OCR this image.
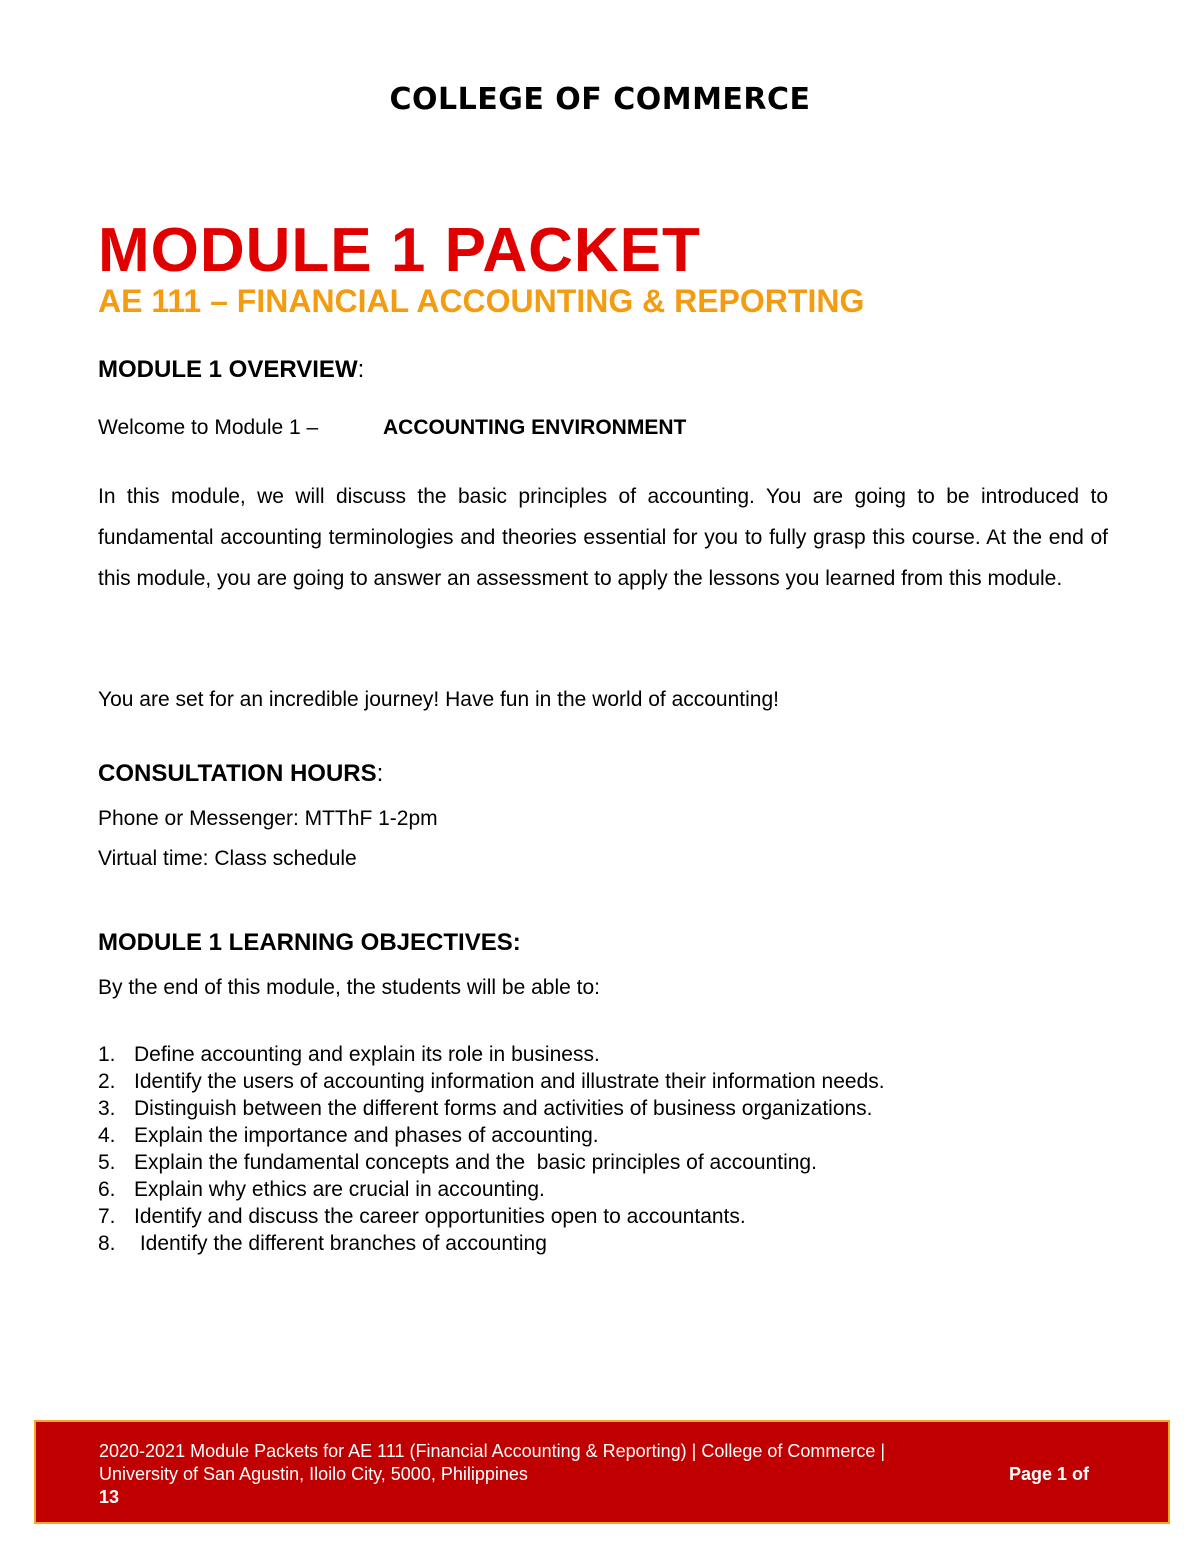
COLLEGE OF COMMERCE
MODULE 1 PACKET
AE 111 – FINANCIAL ACCOUNTING & REPORTING
MODULE 1 OVERVIEW:
Welcome to Module 1 –	ACCOUNTING ENVIRONMENT
In this module, we will discuss the basic principles of accounting. You are going to be introduced to fundamental accounting terminologies and theories essential for you to fully grasp this course. At the end of this module, you are going to answer an assessment to apply the lessons you learned from this module.
You are set for an incredible journey! Have fun in the world of accounting!
CONSULTATION HOURS:
Phone or Messenger: MTThF 1-2pm
Virtual time: Class schedule
MODULE 1 LEARNING OBJECTIVES:
By the end of this module, the students will be able to:
1. Define accounting and explain its role in business.
2. Identify the users of accounting information and illustrate their information needs.
3. Distinguish between the different forms and activities of business organizations.
4. Explain the importance and phases of accounting.
5. Explain the fundamental concepts and the  basic principles of accounting.
6. Explain why ethics are crucial in accounting.
7. Identify and discuss the career opportunities open to accountants.
8. Identify the different branches of accounting
2020-2021 Module Packets for AE 111 (Financial Accounting & Reporting) | College of Commerce |
University of San Agustin, Iloilo City, 5000, Philippines	Page 1 of
13
